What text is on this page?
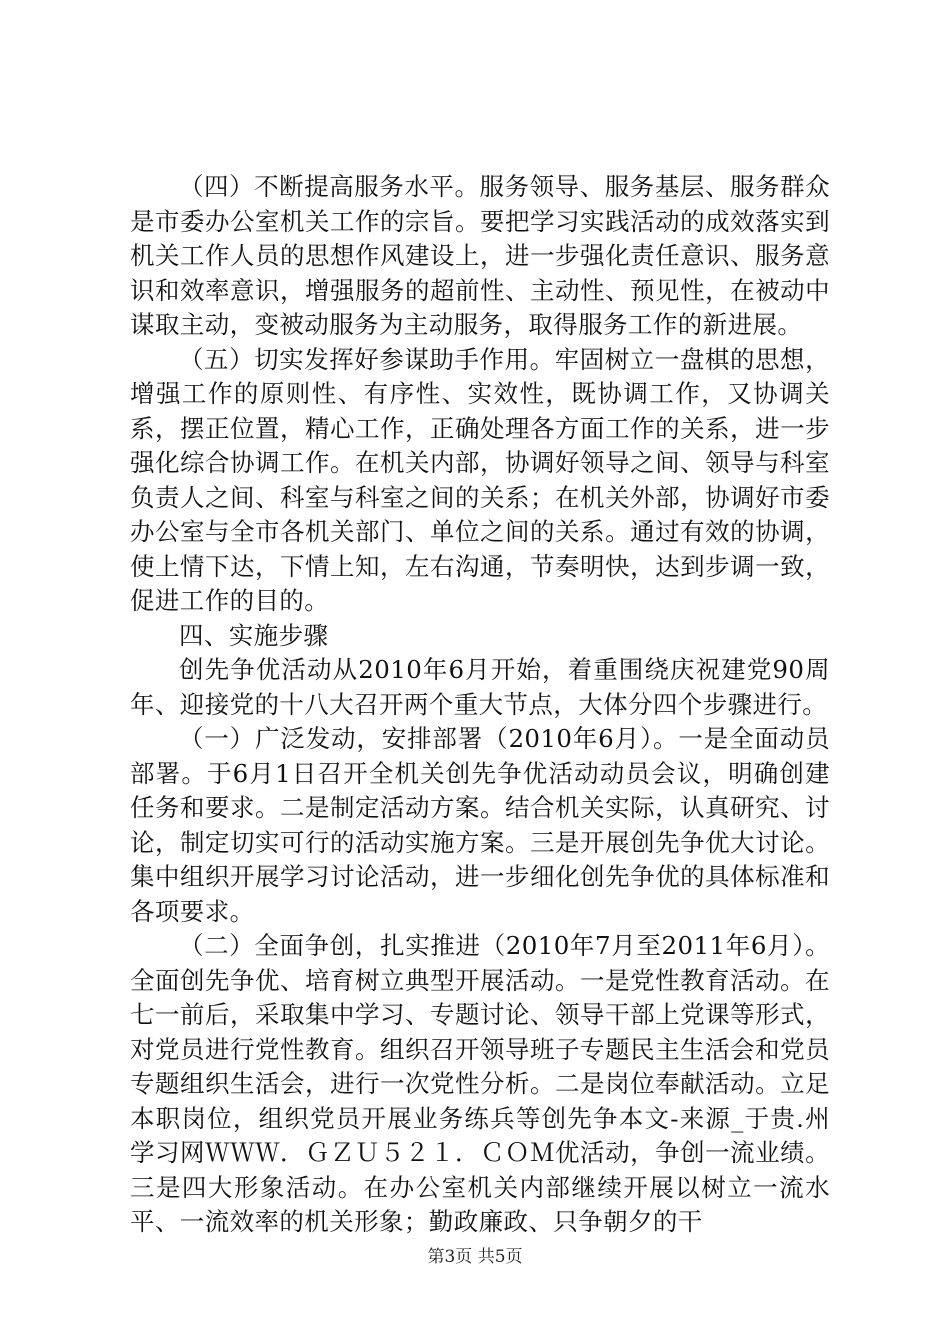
（四）不断提高服务水平。服务领导、服务基层、服务群众是市委办公室机关工作的宗旨。要把学习实践活动的成效落实到机关工作人员的思想作风建设上，进一步强化责任意识、服务意识和效率意识，增强服务的超前性、主动性、预见性，在被动中谋取主动，变被动服务为主动服务，取得服务工作的新进展。

（五）切实发挥好参谋助手作用。牢固树立一盘棋的思想，增强工作的原则性、有序性、实效性，既协调工作，又协调关系，摆正位置，精心工作，正确处理各方面工作的关系，进一步强化综合协调工作。在机关内部，协调好领导之间、领导与科室负责人之间、科室与科室之间的关系；在机关外部，协调好市委办公室与全市各机关部门、单位之间的关系。通过有效的协调，使上情下达，下情上知，左右沟通，节奏明快，达到步调一致，促进工作的目的。

四、实施步骤

创先争优活动从2010年6月开始，着重围绕庆祝建党90周年、迎接党的十八大召开两个重大节点，大体分四个步骤进行。

（一）广泛发动，安排部署（2010年6月）。一是全面动员部署。于6月1日召开全机关创先争优活动动员会议，明确创建任务和要求。二是制定活动方案。结合机关实际，认真研究、讨论，制定切实可行的活动实施方案。三是开展创先争优大讨论。集中组织开展学习讨论活动，进一步细化创先争优的具体标准和各项要求。

（二）全面争创，扎实推进（2010年7月至2011年6月）。全面创先争优、培育树立典型开展活动。一是党性教育活动。在七一前后，采取集中学习、专题讨论、领导干部上党课等形式，对党员进行党性教育。组织召开领导班子专题民主生活会和党员专题组织生活会，进行一次党性分析。二是岗位奉献活动。立足本职岗位，组织党员开展业务练兵等创先争本文-来源_于贵.州学习网ＷＷＷ．ＧＺＵ５２１．ＣＯＭ优活动，争创一流业绩。三是四大形象活动。在办公室机关内部继续开展以树立一流水平、一流效率的机关形象；勤政廉政、只争朝夕的干

第3页 共5页
